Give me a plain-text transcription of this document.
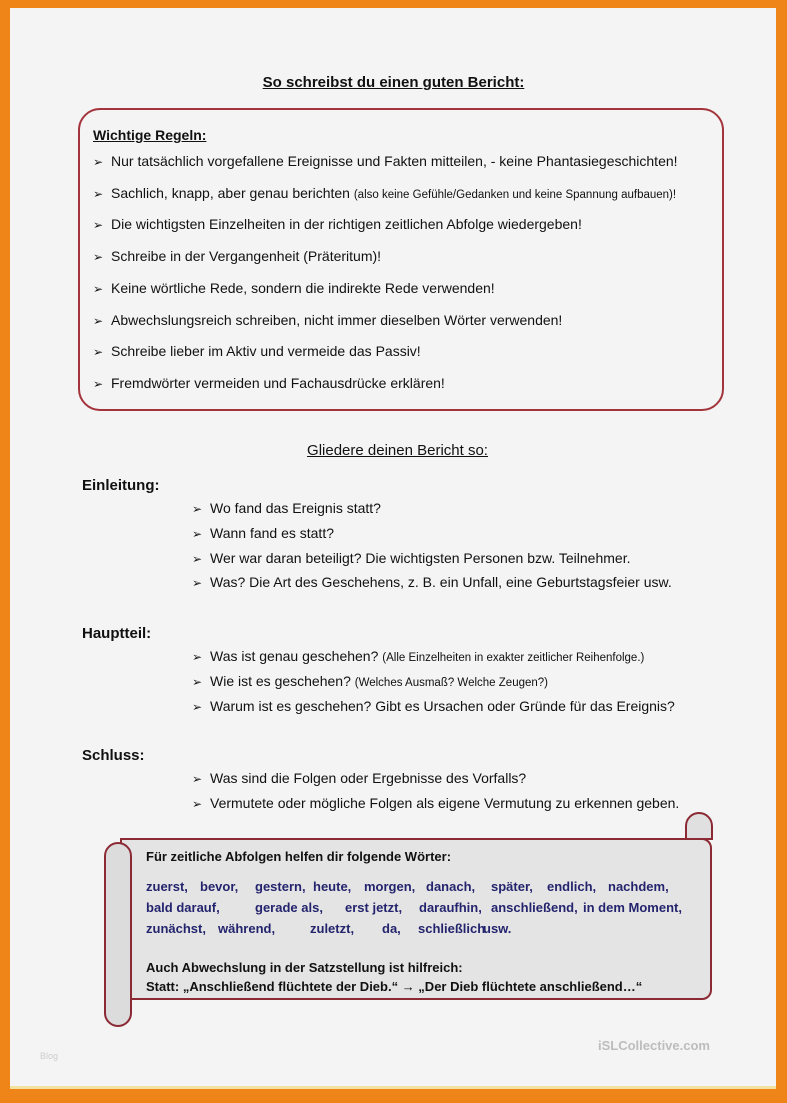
So schreibst du einen guten Bericht:
Wichtige Regeln:
➢ Nur tatsächlich vorgefallene Ereignisse und Fakten mitteilen, - keine Phantasiegeschichten!
➢ Sachlich, knapp, aber genau berichten (also keine Gefühle/Gedanken und keine Spannung aufbauen)!
➢ Die wichtigsten Einzelheiten in der richtigen zeitlichen Abfolge wiedergeben!
➢ Schreibe in der Vergangenheit (Präteritum)!
➢ Keine wörtliche Rede, sondern die indirekte Rede verwenden!
➢ Abwechslungsreich schreiben, nicht immer dieselben Wörter verwenden!
➢ Schreibe lieber im Aktiv und vermeide das Passiv!
➢ Fremdwörter vermeiden und Fachausdrücke erklären!
Gliedere deinen Bericht so:
Einleitung:
➢ Wo fand das Ereignis statt?
➢ Wann fand es statt?
➢ Wer war daran beteiligt? Die wichtigsten Personen bzw. Teilnehmer.
➢ Was? Die Art des Geschehens, z. B. ein Unfall, eine Geburtstagsfeier usw.
Hauptteil:
➢ Was ist genau geschehen? (Alle Einzelheiten in exakter zeitlicher Reihenfolge.)
➢ Wie ist es geschehen? (Welches Ausmaß? Welche Zeugen?)
➢ Warum ist es geschehen? Gibt es Ursachen oder Gründe für das Ereignis?
Schluss:
➢ Was sind die Folgen oder Ergebnisse des Vorfalls?
➢ Vermutete oder mögliche Folgen als eigene Vermutung zu erkennen geben.
Für zeitliche Abfolgen helfen dir folgende Wörter:
zuerst, bevor, gestern, heute, morgen, danach, später, endlich, nachdem,
bald darauf,	gerade als, erst jetzt, daraufhin, anschließend, in dem Moment,
zunächst, während,	zuletzt, da, schließlich
usw.
Auch Abwechslung in der Satzstellung ist hilfreich:
Statt: „Anschließend flüchtete der Dieb.“ → „Der Dieb flüchtete anschließend…“
iSLCollective.com
Blog
